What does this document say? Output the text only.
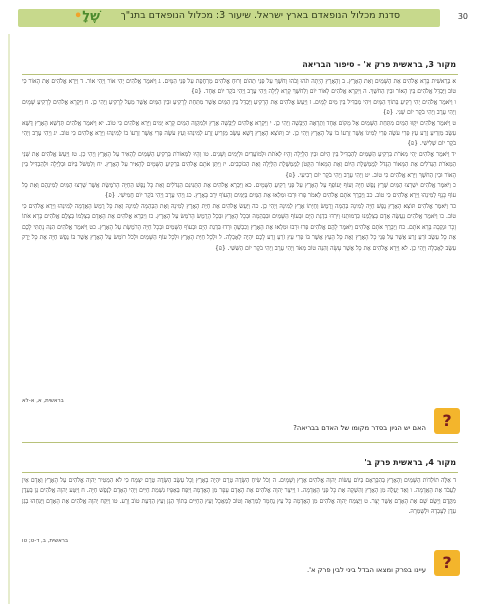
שֶׁלָ•	סדנת מכלול הנופאדם בארץ ישראל. שיעור 3: מכלול הנופאדם בתנ"ך	30
מקור 3, בראשית פרק א' - סיפור הבריאה

א בְּרֵאשִׁית בָּרָא אֱלֹהִים אֵת הַשָּׁמַיִם וְאֵת הָאָרֶץ. ב וְהָאָרֶץ הָיְתָה תֹהוּ וָבֹהוּ וְחֹשֶׁךְ עַל פְּנֵי תְהוֹם וְרוּחַ אֱלֹהִים מְרַחֶפֶת עַל פְּנֵי הַמָּיִם. ג וַיֹּאמֶר אֱלֹהִים יְהִי אוֹר וַיְהִי אוֹר. ד וַיַּרְא אֱלֹהִים אֶת הָאוֹר כִּי טוֹב וַיַּבְדֵּל אֱלֹהִים בֵּין הָאוֹר וּבֵין הַחֹשֶׁךְ. ה וַיִּקְרָא אֱלֹהִים לָאוֹר יוֹם וְלַחֹשֶׁךְ קָרָא לָיְלָה וַיְהִי עֶרֶב וַיְהִי בֹקֶר יוֹם אֶחָד. {פ}

ו וַיֹּאמֶר אֱלֹהִים יְהִי רָקִיעַ בְּתוֹךְ הַמָּיִם וִיהִי מַבְדִּיל בֵּין מַיִם לָמָיִם. ז וַיַּעַשׂ אֱלֹהִים אֶת הָרָקִיעַ וַיַּבְדֵּל בֵּין הַמַּיִם אֲשֶׁר מִתַּחַת לָרָקִיעַ וּבֵין הַמַּיִם אֲשֶׁר מֵעַל לָרָקִיעַ וַיְהִי כֵן. ח וַיִּקְרָא אֱלֹהִים לָרָקִיעַ שָׁמָיִם וַיְהִי עֶרֶב וַיְהִי בֹקֶר יוֹם שֵׁנִי. {פ}

ט וַיֹּאמֶר אֱלֹהִים יִקָּווּ הַמַּיִם מִתַּחַת הַשָּׁמַיִם אֶל מָקוֹם אֶחָד וְתֵרָאֶה הַיַּבָּשָׁה וַיְהִי כֵן. י וַיִּקְרָא אֱלֹהִים לַיַּבָּשָׁה אֶרֶץ וּלְמִקְוֵה הַמַּיִם קָרָא יַמִּים וַיַּרְא אֱלֹהִים כִּי טוֹב. יא וַיֹּאמֶר אֱלֹהִים תַּדְשֵׁא הָאָרֶץ דֶּשֶׁא עֵשֶׂב מַזְרִיעַ זֶרַע עֵץ פְּרִי עֹשֶׂה פְּרִי לְמִינוֹ אֲשֶׁר זַרְעוֹ בוֹ עַל הָאָרֶץ וַיְהִי כֵן. יב וַתּוֹצֵא הָאָרֶץ דֶּשֶׁא עֵשֶׂב מַזְרִיעַ זֶרַע לְמִינֵהוּ וְעֵץ עֹשֶׂה פְּרִי אֲשֶׁר זַרְעוֹ בוֹ לְמִינֵהוּ וַיַּרְא אֱלֹהִים כִּי טוֹב. יג וַיְהִי עֶרֶב וַיְהִי בֹקֶר יוֹם שְׁלִישִׁי. {פ}

יד וַיֹּאמֶר אֱלֹהִים יְהִי מְאֹרֹת בִּרְקִיעַ הַשָּׁמַיִם לְהַבְדִּיל בֵּין הַיּוֹם וּבֵין הַלָּיְלָה וְהָיוּ לְאֹתֹת וּלְמוֹעֲדִים וּלְיָמִים וְשָׁנִים. טו וְהָיוּ לִמְאוֹרֹת בִּרְקִיעַ הַשָּׁמַיִם לְהָאִיר עַל הָאָרֶץ וַיְהִי כֵן. טז וַיַּעַשׂ אֱלֹהִים אֶת שְׁנֵי הַמְּאֹרֹת הַגְּדֹלִים אֶת הַמָּאוֹר הַגָּדֹל לְמֶמְשֶׁלֶת הַיּוֹם וְאֶת הַמָּאוֹר הַקָּטֹן לְמֶמְשֶׁלֶת הַלַּיְלָה וְאֵת הַכּוֹכָבִים. יז וַיִּתֵּן אֹתָם אֱלֹהִים בִּרְקִיעַ הַשָּׁמָיִם לְהָאִיר עַל הָאָרֶץ. יח וְלִמְשֹׁל בַּיּוֹם וּבַלַּיְלָה וּלְהַבְדִּיל בֵּין הָאוֹר וּבֵין הַחֹשֶׁךְ וַיַּרְא אֱלֹהִים כִּי טוֹב. יט וַיְהִי עֶרֶב וַיְהִי בֹקֶר יוֹם רְבִיעִי. {פ}

כ וַיֹּאמֶר אֱלֹהִים יִשְׁרְצוּ הַמַּיִם שֶׁרֶץ נֶפֶשׁ חַיָּה וְעוֹף יְעוֹפֵף עַל הָאָרֶץ עַל פְּנֵי רְקִיעַ הַשָּׁמָיִם. כא וַיִּבְרָא אֱלֹהִים אֶת הַתַּנִּינִם הַגְּדֹלִים וְאֵת כָּל נֶפֶשׁ הַחַיָּה הָרֹמֶשֶׂת אֲשֶׁר שָׁרְצוּ הַמַּיִם לְמִינֵהֶם וְאֵת כָּל עוֹף כָּנָף לְמִינֵהוּ וַיַּרְא אֱלֹהִים כִּי טוֹב. כב וַיְבָרֶךְ אֹתָם אֱלֹהִים לֵאמֹר פְּרוּ וּרְבוּ וּמִלְאוּ אֶת הַמַּיִם בַּיַּמִּים וְהָעוֹף יִרֶב בָּאָרֶץ. כג וַיְהִי עֶרֶב וַיְהִי בֹקֶר יוֹם חֲמִישִׁי. {פ}

כד וַיֹּאמֶר אֱלֹהִים תּוֹצֵא הָאָרֶץ נֶפֶשׁ חַיָּה לְמִינָהּ בְּהֵמָה וָרֶמֶשׂ וְחַיְתוֹ אֶרֶץ לְמִינָהּ וַיְהִי כֵן. כה וַיַּעַשׂ אֱלֹהִים אֶת חַיַּת הָאָרֶץ לְמִינָהּ וְאֶת הַבְּהֵמָה לְמִינָהּ וְאֵת כָּל רֶמֶשׂ הָאֲדָמָה לְמִינֵהוּ וַיַּרְא אֱלֹהִים כִּי טוֹב. כו וַיֹּאמֶר אֱלֹהִים נַעֲשֶׂה אָדָם בְּצַלְמֵנוּ כִּדְמוּתֵנוּ וְיִרְדּוּ בִדְגַת הַיָּם וּבְעוֹף הַשָּׁמַיִם וּבַבְּהֵמָה וּבְכָל הָאָרֶץ וּבְכָל הָרֶמֶשׂ הָרֹמֵשׂ עַל הָאָרֶץ. כז וַיִּבְרָא אֱלֹהִים אֶת הָאָדָם בְּצַלְמוֹ בְּצֶלֶם אֱלֹהִים בָּרָא אֹתוֹ זָכָר וּנְקֵבָה בָּרָא אֹתָם. כח וַיְבָרֶךְ אֹתָם אֱלֹהִים וַיֹּאמֶר לָהֶם אֱלֹהִים פְּרוּ וּרְבוּ וּמִלְאוּ אֶת הָאָרֶץ וְכִבְשֻׁהָ וּרְדוּ בִּדְגַת הַיָּם וּבְעוֹף הַשָּׁמַיִם וּבְכָל חַיָּה הָרֹמֶשֶׂת עַל הָאָרֶץ. כט וַיֹּאמֶר אֱלֹהִים הִנֵּה נָתַתִּי לָכֶם אֶת כָּל עֵשֶׂב זֹרֵעַ זֶרַע אֲשֶׁר עַל פְּנֵי כָל הָאָרֶץ וְאֶת כָּל הָעֵץ אֲשֶׁר בּוֹ פְרִי עֵץ זֹרֵעַ זָרַע לָכֶם יִהְיֶה לְאָכְלָה. ל וּלְכָל חַיַּת הָאָרֶץ וּלְכָל עוֹף הַשָּׁמַיִם וּלְכֹל רוֹמֵשׂ עַל הָאָרֶץ אֲשֶׁר בּוֹ נֶפֶשׁ חַיָּה אֶת כָּל יֶרֶק עֵשֶׂב לְאָכְלָה וַיְהִי כֵן. לא וַיַּרְא אֱלֹהִים אֶת כָּל אֲשֶׁר עָשָׂה וְהִנֵּה טוֹב מְאֹד וַיְהִי עֶרֶב וַיְהִי בֹקֶר יוֹם הַשִּׁשִּׁי. {פ}

בראשית, א, א-לא
?
האם יש הגיון בסדר מקומו של האדם בבריאה?
מקור 4, בראשית פרק ב'

ד אֵלֶּה תוֹלְדוֹת הַשָּׁמַיִם וְהָאָרֶץ בְּהִבָּרְאָם בְּיוֹם עֲשׂוֹת יְהוָה אֱלֹהִים אֶרֶץ וְשָׁמָיִם. ה וְכֹל שִׂיחַ הַשָּׂדֶה טֶרֶם יִהְיֶה בָאָרֶץ וְכָל עֵשֶׂב הַשָּׂדֶה טֶרֶם יִצְמָח כִּי לֹא הִמְטִיר יְהוָה אֱלֹהִים עַל הָאָרֶץ וְאָדָם אַיִן לַעֲבֹד אֶת הָאֲדָמָה. ו וְאֵד יַעֲלֶה מִן הָאָרֶץ וְהִשְׁקָה אֶת כָּל פְּנֵי הָאֲדָמָה. ז וַיִּיצֶר יְהוָה אֱלֹהִים אֶת הָאָדָם עָפָר מִן הָאֲדָמָה וַיִּפַּח בְּאַפָּיו נִשְׁמַת חַיִּים וַיְהִי הָאָדָם לְנֶפֶשׁ חַיָּה. ח וַיִּטַּע יְהוָה אֱלֹהִים גַּן בְּעֵדֶן מִקֶּדֶם וַיָּשֶׂם שָׁם אֶת הָאָדָם אֲשֶׁר יָצָר. ט וַיַּצְמַח יְהוָה אֱלֹהִים מִן הָאֲדָמָה כָּל עֵץ נֶחְמָד לְמַרְאֶה וְטוֹב לְמַאֲכָל וְעֵץ הַחַיִּים בְּתוֹךְ הַגָּן וְעֵץ הַדַּעַת טוֹב וָרָע. טו וַיִּקַּח יְהוָה אֱלֹהִים אֶת הָאָדָם וַיַּנִּחֵהוּ בְגַן עֵדֶן לְעָבְדָהּ וּלְשָׁמְרָהּ.

בראשית, ב, ד-ט; טו
?
עיינו בפרק ומצאו הבדל ביני לבין פרק א'.
